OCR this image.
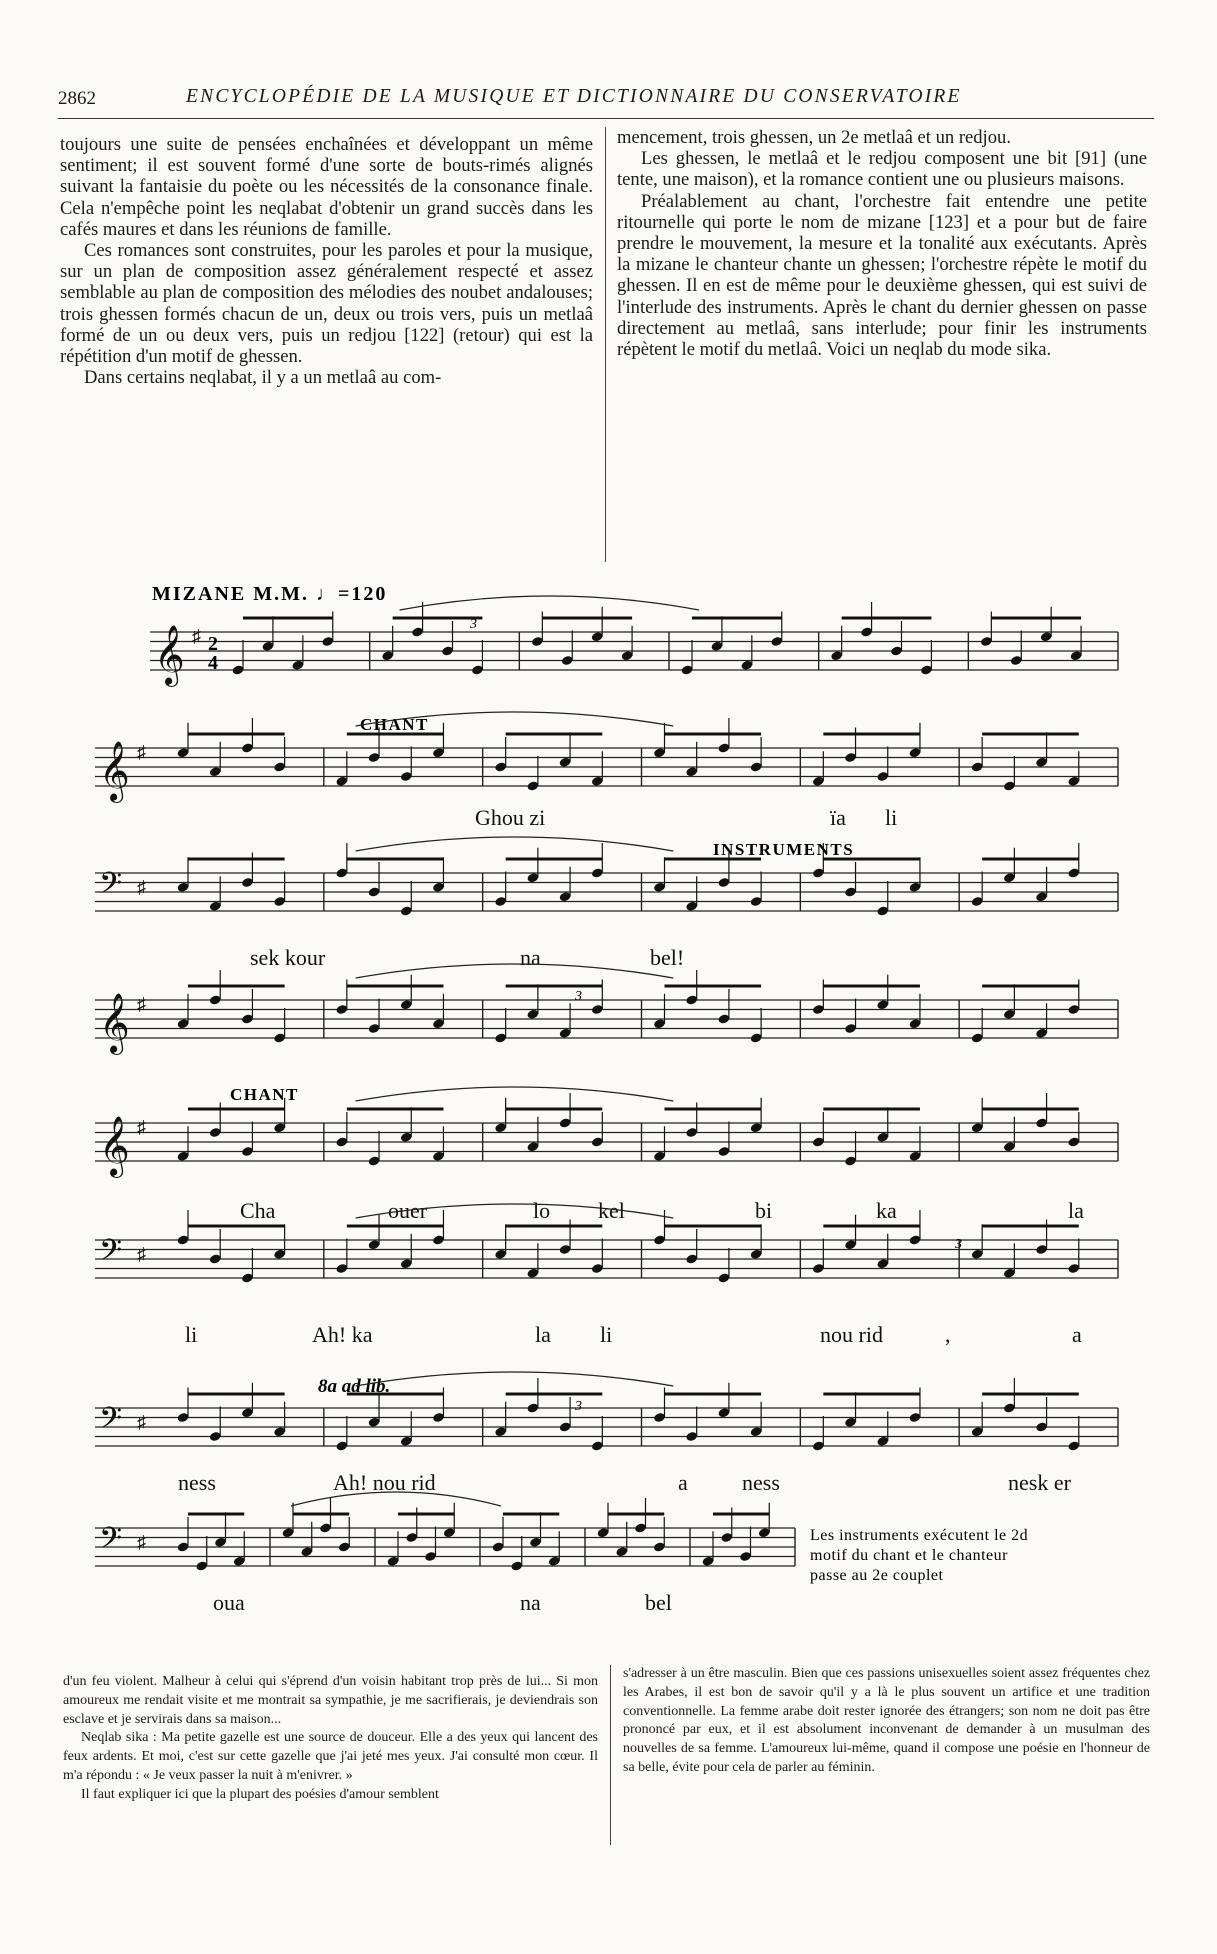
2862	ENCYCLOPÉDIE DE LA MUSIQUE ET DICTIONNAIRE DU CONSERVATOIRE

toujours une suite de pensées enchaînées et développant un même sentiment; il est souvent formé d'une sorte de bouts-rimés alignés suivant la fantaisie du poète ou les nécessités de la consonance finale. Cela n'empêche point les neqlabat d'obtenir un grand succès dans les cafés maures et dans les réunions de famille.

Ces romances sont construites, pour les paroles et pour la musique, sur un plan de composition assez généralement respecté et assez semblable au plan de composition des mélodies des noubet andalouses; trois ghessen formés chacun de un, deux ou trois vers, puis un metlaâ formé de un ou deux vers, puis un redjou [122] (retour) qui est la répétition d'un motif de ghessen.

Dans certains neqlabat, il y a un metlaâ au com-

mencement, trois ghessen, un 2e metlaâ et un redjou.

Les ghessen, le metlaâ et le redjou composent une bit [91] (une tente, une maison), et la romance contient une ou plusieurs maisons.

Préalablement au chant, l'orchestre fait entendre une petite ritournelle qui porte le nom de mizane [123] et a pour but de faire prendre le mouvement, la mesure et la tonalité aux exécutants. Après la mizane le chanteur chante un ghessen; l'orchestre répète le motif du ghessen. Il en est de même pour le deuxième ghessen, qui est suivi de l'interlude des instruments. Après le chant du dernier ghessen on passe directement au metlaâ, sans interlude; pour finir les instruments répètent le motif du metlaâ. Voici un neqlab du mode sika.

MIZANE M.M. ♩=120
CHANT
INSTRUMENTS
CHANT
8a ad lib.
Les instruments exécutent le 2d
motif du chant et le chanteur
passe au 2e couplet
𝄞 ♯ 2
4
𝄞 ♯
Ghou zi	ïa li
𝄢 ♯
sek kour	na	bel!
𝄞 ♯
𝄞 ♯
Cha	ouer	lo kel	bi	ka	la
𝄢 ♯
li	Ah! ka	la li	nou rid	,	a
𝄢 ♯
ness	Ah! nou rid	a ness	nesk er
𝄢 ♯
oua	na	bel
3
3
3
3

d'un feu violent. Malheur à celui qui s'éprend d'un voisin habitant trop près de lui... Si mon amoureux me rendait visite et me montrait sa sympathie, je me sacrifierais, je deviendrais son esclave et je servirais dans sa maison...

Neqlab sika : Ma petite gazelle est une source de douceur. Elle a des yeux qui lancent des feux ardents. Et moi, c'est sur cette gazelle que j'ai jeté mes yeux. J'ai consulté mon cœur. Il m'a répondu : « Je veux passer la nuit à m'enivrer. »

Il faut expliquer ici que la plupart des poésies d'amour semblent

s'adresser à un être masculin. Bien que ces passions unisexuelles soient assez fréquentes chez les Arabes, il est bon de savoir qu'il y a là le plus souvent un artifice et une tradition conventionnelle. La femme arabe doit rester ignorée des étrangers; son nom ne doit pas être prononcé par eux, et il est absolument inconvenant de demander à un musulman des nouvelles de sa femme. L'amoureux lui-même, quand il compose une poésie en l'honneur de sa belle, évite pour cela de parler au féminin.
